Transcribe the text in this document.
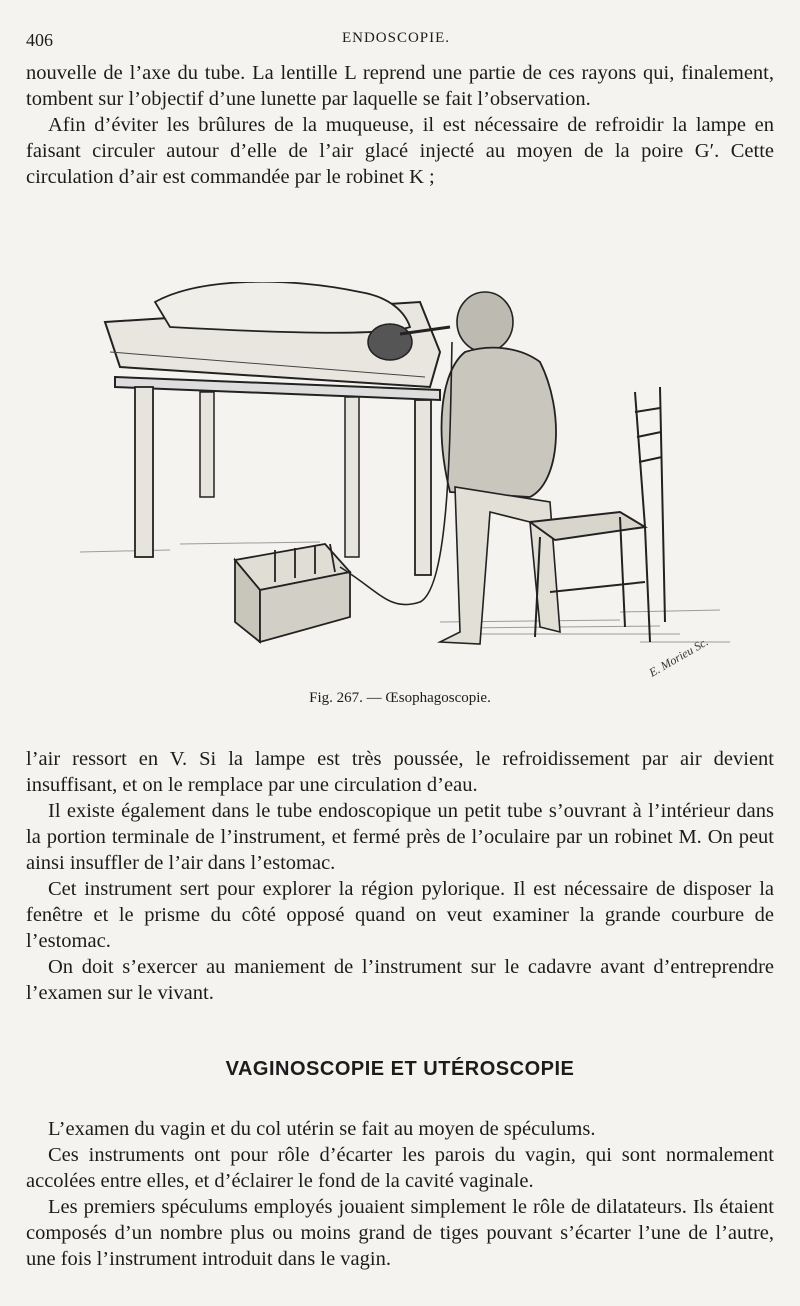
406	ENDOSCOPIE.

nouvelle de l’axe du tube. La lentille L reprend une partie de ces rayons qui, finalement, tombent sur l’objectif d’une lunette par laquelle se fait l’observation.

Afin d’éviter les brûlures de la muqueuse, il est nécessaire de refroidir la lampe en faisant circuler autour d’elle de l’air glacé injecté au moyen de la poire G′. Cette circulation d’air est commandée par le robinet K ;

E. Morieu Sc.
Fig. 267. — Œsophagoscopie.

l’air ressort en V. Si la lampe est très poussée, le refroidissement par air devient insuffisant, et on le remplace par une circulation d’eau.

Il existe également dans le tube endoscopique un petit tube s’ouvrant à l’intérieur dans la portion terminale de l’instrument, et fermé près de l’oculaire par un robinet M. On peut ainsi insuffler de l’air dans l’estomac.

Cet instrument sert pour explorer la région pylorique. Il est nécessaire de disposer la fenêtre et le prisme du côté opposé quand on veut examiner la grande courbure de l’estomac.

On doit s’exercer au maniement de l’instrument sur le cadavre avant d’entreprendre l’examen sur le vivant.

VAGINOSCOPIE ET UTÉROSCOPIE

L’examen du vagin et du col utérin se fait au moyen de spéculums.

Ces instruments ont pour rôle d’écarter les parois du vagin, qui sont normalement accolées entre elles, et d’éclairer le fond de la cavité vaginale.

Les premiers spéculums employés jouaient simplement le rôle de dilatateurs. Ils étaient composés d’un nombre plus ou moins grand de tiges pouvant s’écarter l’une de l’autre, une fois l’instrument introduit dans le vagin.
